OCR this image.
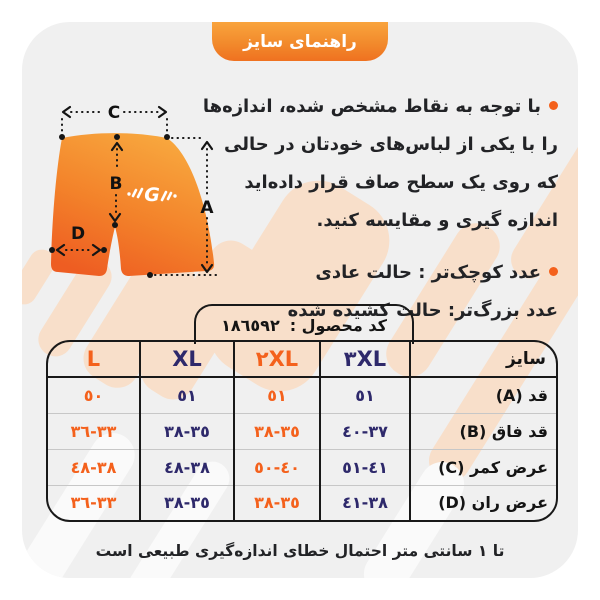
راهنمای سایز
G
C
B
A
D
با توجه به نقاط مشخص شده، اندازه‌ها
را با یکی از لباس‌های خودتان در حالی
که روی یک سطح صاف قرار داده‌اید
اندازه گیری و مقایسه کنید.
عدد کوچک‌تر : حالت عادی
عدد بزرگ‌تر: حالت کشیده شده
کد محصول :
١٨٦٥٩٢
سایز	٣XL	٢XL	XL	L
قد (A)	٥١	٥١	٥١	٥٠
قد فاق (B)	٣٧-٤٠	٣٥-٣٨	٣٥-٣٨	٣٣-٣٦
عرض کمر (C)	٤١-٥١	٤٠-٥٠	٣٨-٤٨	٣٨-٤٨
عرض ران (D)	٣٨-٤١	٣٥-٣٨	٣٥-٣٨	٣٣-٣٦
تا ١ سانتی متر احتمال خطای اندازه‌گیری طبیعی است
